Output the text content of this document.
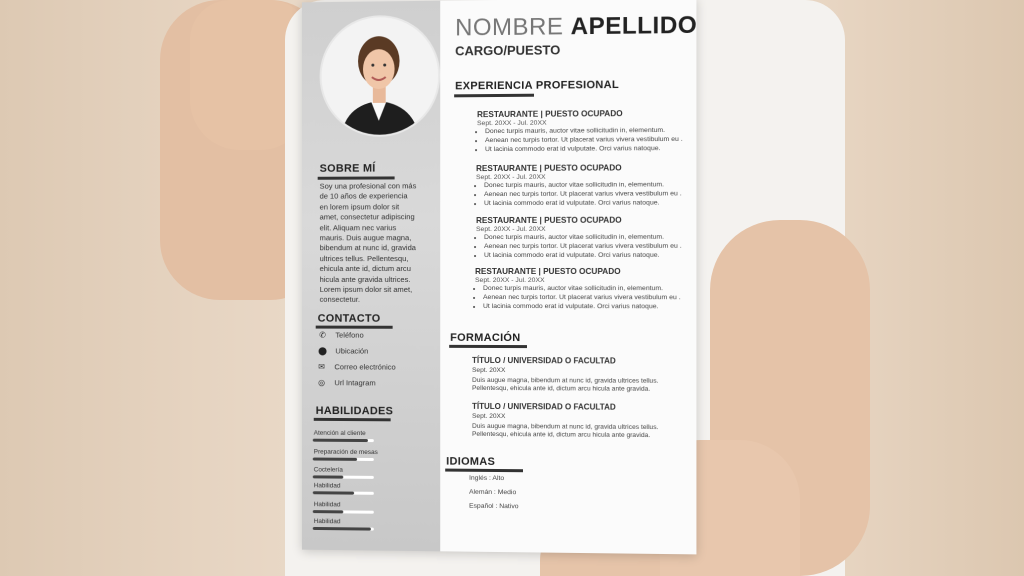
SOBRE MÍ
Soy una profesional con más
de 10 años de experiencia
en lorem ipsum dolor sit
amet, consectetur adipiscing
elit. Aliquam nec varius
mauris. Duis augue magna,
bibendum at nunc id, gravida
ultrices tellus. Pellentesqu,
ehicula ante id, dictum arcu
hicula ante gravida ultrices.
Lorem ipsum dolor sit amet,
consectetur.
CONTACTO
✆ Teléfono
⬤ Ubicación
✉ Correo electrónico
◎ Url Intagram
HABILIDADES
Atención al cliente
Preparación de mesas
Coctelería
Habilidad
Habilidad
Habilidad
NOMBRE APELLIDO
CARGO/PUESTO
EXPERIENCIA PROFESIONAL
RESTAURANTE | PUESTO OCUPADO
Sept. 20XX - Jul. 20XX
• Donec turpis mauris, auctor vitae sollicitudin in, elementum.
• Aenean nec turpis tortor. Ut placerat varius vivera vestibulum eu .
• Ut lacinia commodo erat id vulputate. Orci varius natoque.
RESTAURANTE | PUESTO OCUPADO
Sept. 20XX - Jul. 20XX
• Donec turpis mauris, auctor vitae sollicitudin in, elementum.
• Aenean nec turpis tortor. Ut placerat varius vivera vestibulum eu .
• Ut lacinia commodo erat id vulputate. Orci varius natoque.
RESTAURANTE | PUESTO OCUPADO
Sept. 20XX - Jul. 20XX
• Donec turpis mauris, auctor vitae sollicitudin in, elementum.
• Aenean nec turpis tortor. Ut placerat varius vivera vestibulum eu .
• Ut lacinia commodo erat id vulputate. Orci varius natoque.
RESTAURANTE | PUESTO OCUPADO
Sept. 20XX - Jul. 20XX
• Donec turpis mauris, auctor vitae sollicitudin in, elementum.
• Aenean nec turpis tortor. Ut placerat varius vivera vestibulum eu .
• Ut lacinia commodo erat id vulputate. Orci varius natoque.
FORMACIÓN
TÍTULO / UNIVERSIDAD O FACULTAD
Sept. 20XX
Duis augue magna, bibendum at nunc id, gravida ultrices tellus.
Pellentesqu, ehicula ante id, dictum arcu hicula ante gravida.
TÍTULO / UNIVERSIDAD O FACULTAD
Sept. 20XX
Duis augue magna, bibendum at nunc id, gravida ultrices tellus.
Pellentesqu, ehicula ante id, dictum arcu hicula ante gravida.
IDIOMAS
Inglés : Alto
Alemán : Medio
Español : Nativo
